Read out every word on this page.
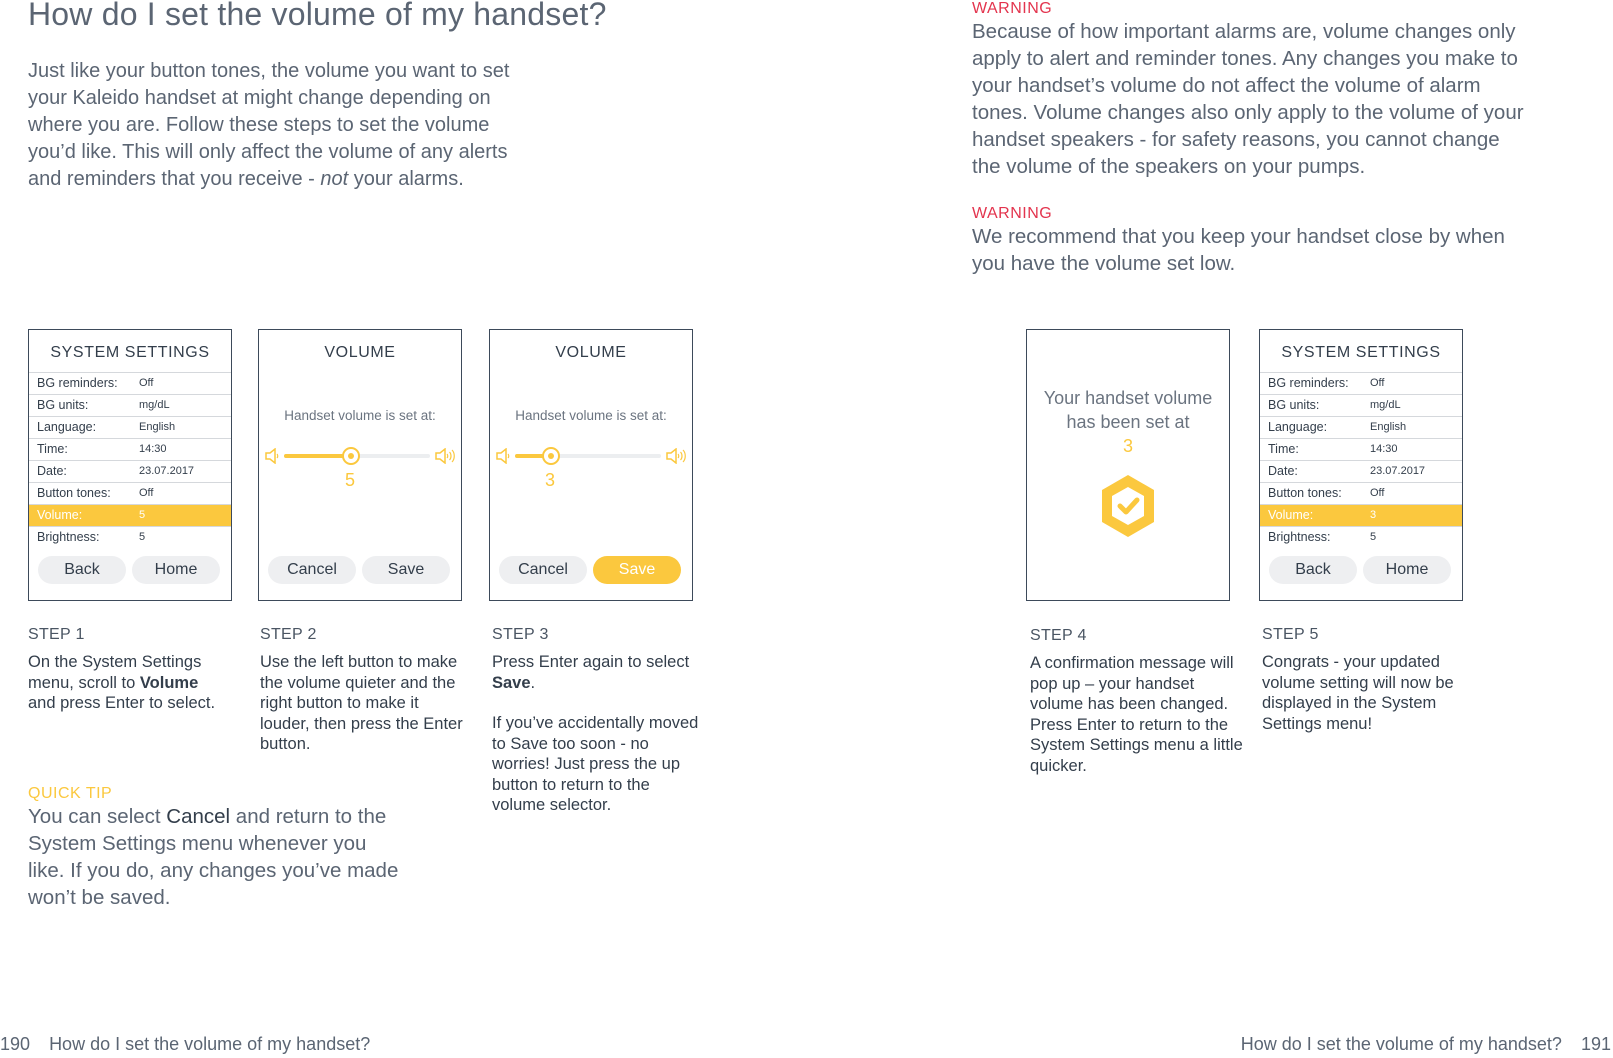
How do I set the volume of my handset?

Just like your button tones, the volume you want to set your Kaleido handset at might change depending on where you are. Follow these steps to set the volume you’d like. This will only affect the volume of any alerts and reminders that you receive - not your alarms.

WARNING

Because of how important alarms are, volume changes only apply to alert and reminder tones. Any changes you make to your handset’s volume do not affect the volume of alarm tones. Volume changes also only apply to the volume of your handset speakers - for safety reasons, you cannot change the volume of the speakers on your pumps.

WARNING

We recommend that you keep your handset close by when you have the volume set low.

SYSTEM SETTINGS
BG reminders: Off
BG units:	mg/dL
Language:	English
Time:	14:30
Date:	23.07.2017
Button tones:	Off
Volume:	5
Brightness:	5
Back	Home
VOLUME
Handset volume is set at:
5
Cancel	Save
VOLUME
Handset volume is set at:
3
Cancel	Save
Your handset volume
has been set at
3
SYSTEM SETTINGS
BG reminders: Off
BG units:	mg/dL
Language:	English
Time:	14:30
Date:	23.07.2017
Button tones:	Off
Volume:	3
Brightness:	5
Back	Home
STEP 1

On the System Settings menu, scroll to Volume and press Enter to select.

STEP 2

Use the left button to make the volume quieter and the right button to make it louder, then press the Enter button.

STEP 3

Press Enter again to select Save.

If you’ve accidentally moved to Save too soon - no worries! Just press the up button to return to the volume selector.

STEP 4

A confirmation message will pop up – your handset volume has been changed. Press Enter to return to the System Settings menu a little quicker.

STEP 5

Congrats - your updated volume setting will now be displayed in the System Settings menu!

QUICK TIP

You can select Cancel and return to the System Settings menu whenever you like. If you do, any changes you’ve made won’t be saved.

190 How do I set the volume of my handset?	How do I set the volume of my handset? 191
